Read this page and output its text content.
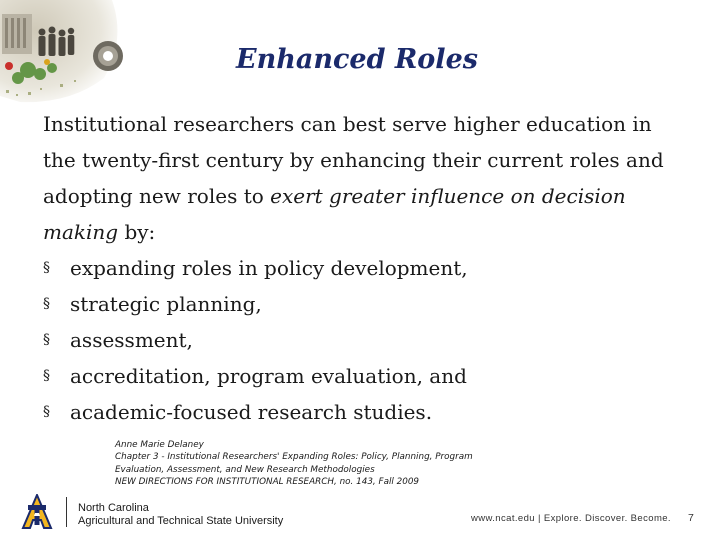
Enhanced Roles

Institutional researchers can best serve higher education in
the twenty-first century by enhancing their current roles and
adopting new roles to exert greater influence on decision
making by:

§ expanding roles in policy development,
§ strategic planning,
§ assessment,
§ accreditation, program evaluation, and
§ academic-focused research studies.
Anne Marie Delaney
Chapter 3 - Institutional Researchers' Expanding Roles: Policy, Planning, Program
Evaluation, Assessment, and New Research Methodologies
NEW DIRECTIONS FOR INSTITUTIONAL RESEARCH, no. 143, Fall 2009
North Carolina
Agricultural and Technical State University	www.ncat.edu | Explore. Discover. Become. 7
